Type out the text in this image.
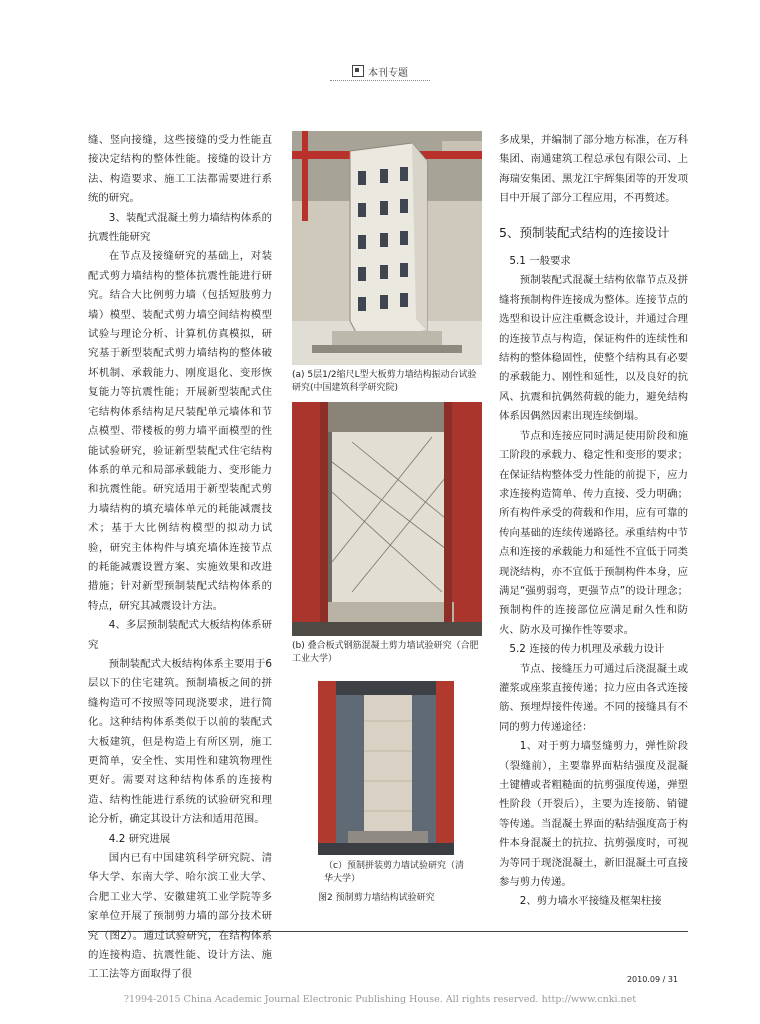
本刊专题

缝、竖向接缝，这些接缝的受力性能直接决定结构的整体性能。接缝的设计方法、构造要求、施工工法都需要进行系统的研究。

3、装配式混凝土剪力墙结构体系的抗震性能研究

在节点及接缝研究的基础上，对装配式剪力墙结构的整体抗震性能进行研究。结合大比例剪力墙（包括短肢剪力墙）模型、装配式剪力墙空间结构模型试验与理论分析、计算机仿真模拟，研究基于新型装配式剪力墙结构的整体破坏机制、承载能力、刚度退化、变形恢复能力等抗震性能；开展新型装配式住宅结构体系结构足尺装配单元墙体和节点模型、带楼板的剪力墙平面模型的性能试验研究，验证新型装配式住宅结构体系的单元和局部承载能力、变形能力和抗震性能。研究适用于新型装配式剪力墙结构的填充墙体单元的耗能减震技术；基于大比例结构模型的拟动力试验，研究主体构件与填充墙体连接节点的耗能减震设置方案、实施效果和改进措施；针对新型预制装配式结构体系的特点，研究其减震设计方法。

4、多层预制装配式大板结构体系研究

预制装配式大板结构体系主要用于6层以下的住宅建筑。预制墙板之间的拼缝构造可不按照等同现浇要求，进行简化。这种结构体系类似于以前的装配式大板建筑，但是构造上有所区别，施工更简单，安全性、实用性和建筑物理性更好。需要对这种结构体系的连接构造、结构性能进行系统的试验研究和理论分析，确定其设计方法和适用范围。

4.2 研究进展

国内已有中国建筑科学研究院、清华大学、东南大学、哈尔滨工业大学、合肥工业大学、安徽建筑工业学院等多家单位开展了预制剪力墙的部分技术研究（图2）。通过试验研究，在结构体系的连接构造、抗震性能、设计方法、施工工法等方面取得了很

(a) 5层1/2缩尺L型大板剪力墙结构振动台试验研究(中国建筑科学研究院)
(b) 叠合板式钢筋混凝土剪力墙试验研究（合肥工业大学）
（c）预制拼装剪力墙试验研究（清华大学）
图2 预制剪力墙结构试验研究

多成果，并编制了部分地方标准，在万科集团、南通建筑工程总承包有限公司、上海瑞安集团、黑龙江宇辉集团等的开发项目中开展了部分工程应用，不再赘述。

5、预制装配式结构的连接设计

5.1 一般要求

预制装配式混凝土结构依靠节点及拼缝将预制构件连接成为整体。连接节点的选型和设计应注重概念设计，并通过合理的连接节点与构造，保证构件的连续性和结构的整体稳固性，使整个结构具有必要的承载能力、刚性和延性，以及良好的抗风、抗震和抗偶然荷载的能力，避免结构体系因偶然因素出现连续倒塌。

节点和连接应同时满足使用阶段和施工阶段的承载力、稳定性和变形的要求；在保证结构整体受力性能的前提下，应力求连接构造简单、传力直接、受力明确；所有构件承受的荷载和作用，应有可靠的传向基础的连续传递路径。承重结构中节点和连接的承载能力和延性不宜低于同类现浇结构，亦不宜低于预制构件本身，应满足“强剪弱弯，更强节点”的设计理念；预制构件的连接部位应满足耐久性和防火、防水及可操作性等要求。

5.2 连接的传力机理及承载力设计

节点、接缝压力可通过后浇混凝土或灌浆或座浆直接传递；拉力应由各式连接筋、预埋焊接件传递。不同的接缝具有不同的剪力传递途径：

1、对于剪力墙竖缝剪力，弹性阶段（裂缝前），主要靠界面粘结强度及混凝土键槽或者粗糙面的抗剪强度传递，弹塑性阶段（开裂后），主要为连接筋、销键等传递。当混凝土界面的粘结强度高于构件本身混凝土的抗拉、抗剪强度时，可视为等同于现浇混凝土，新旧混凝土可直接参与剪力传递。

2、剪力墙水平接缝及框架柱接

2010.09 / 31
?1994-2015 China Academic Journal Electronic Publishing House. All rights reserved. http://www.cnki.net
